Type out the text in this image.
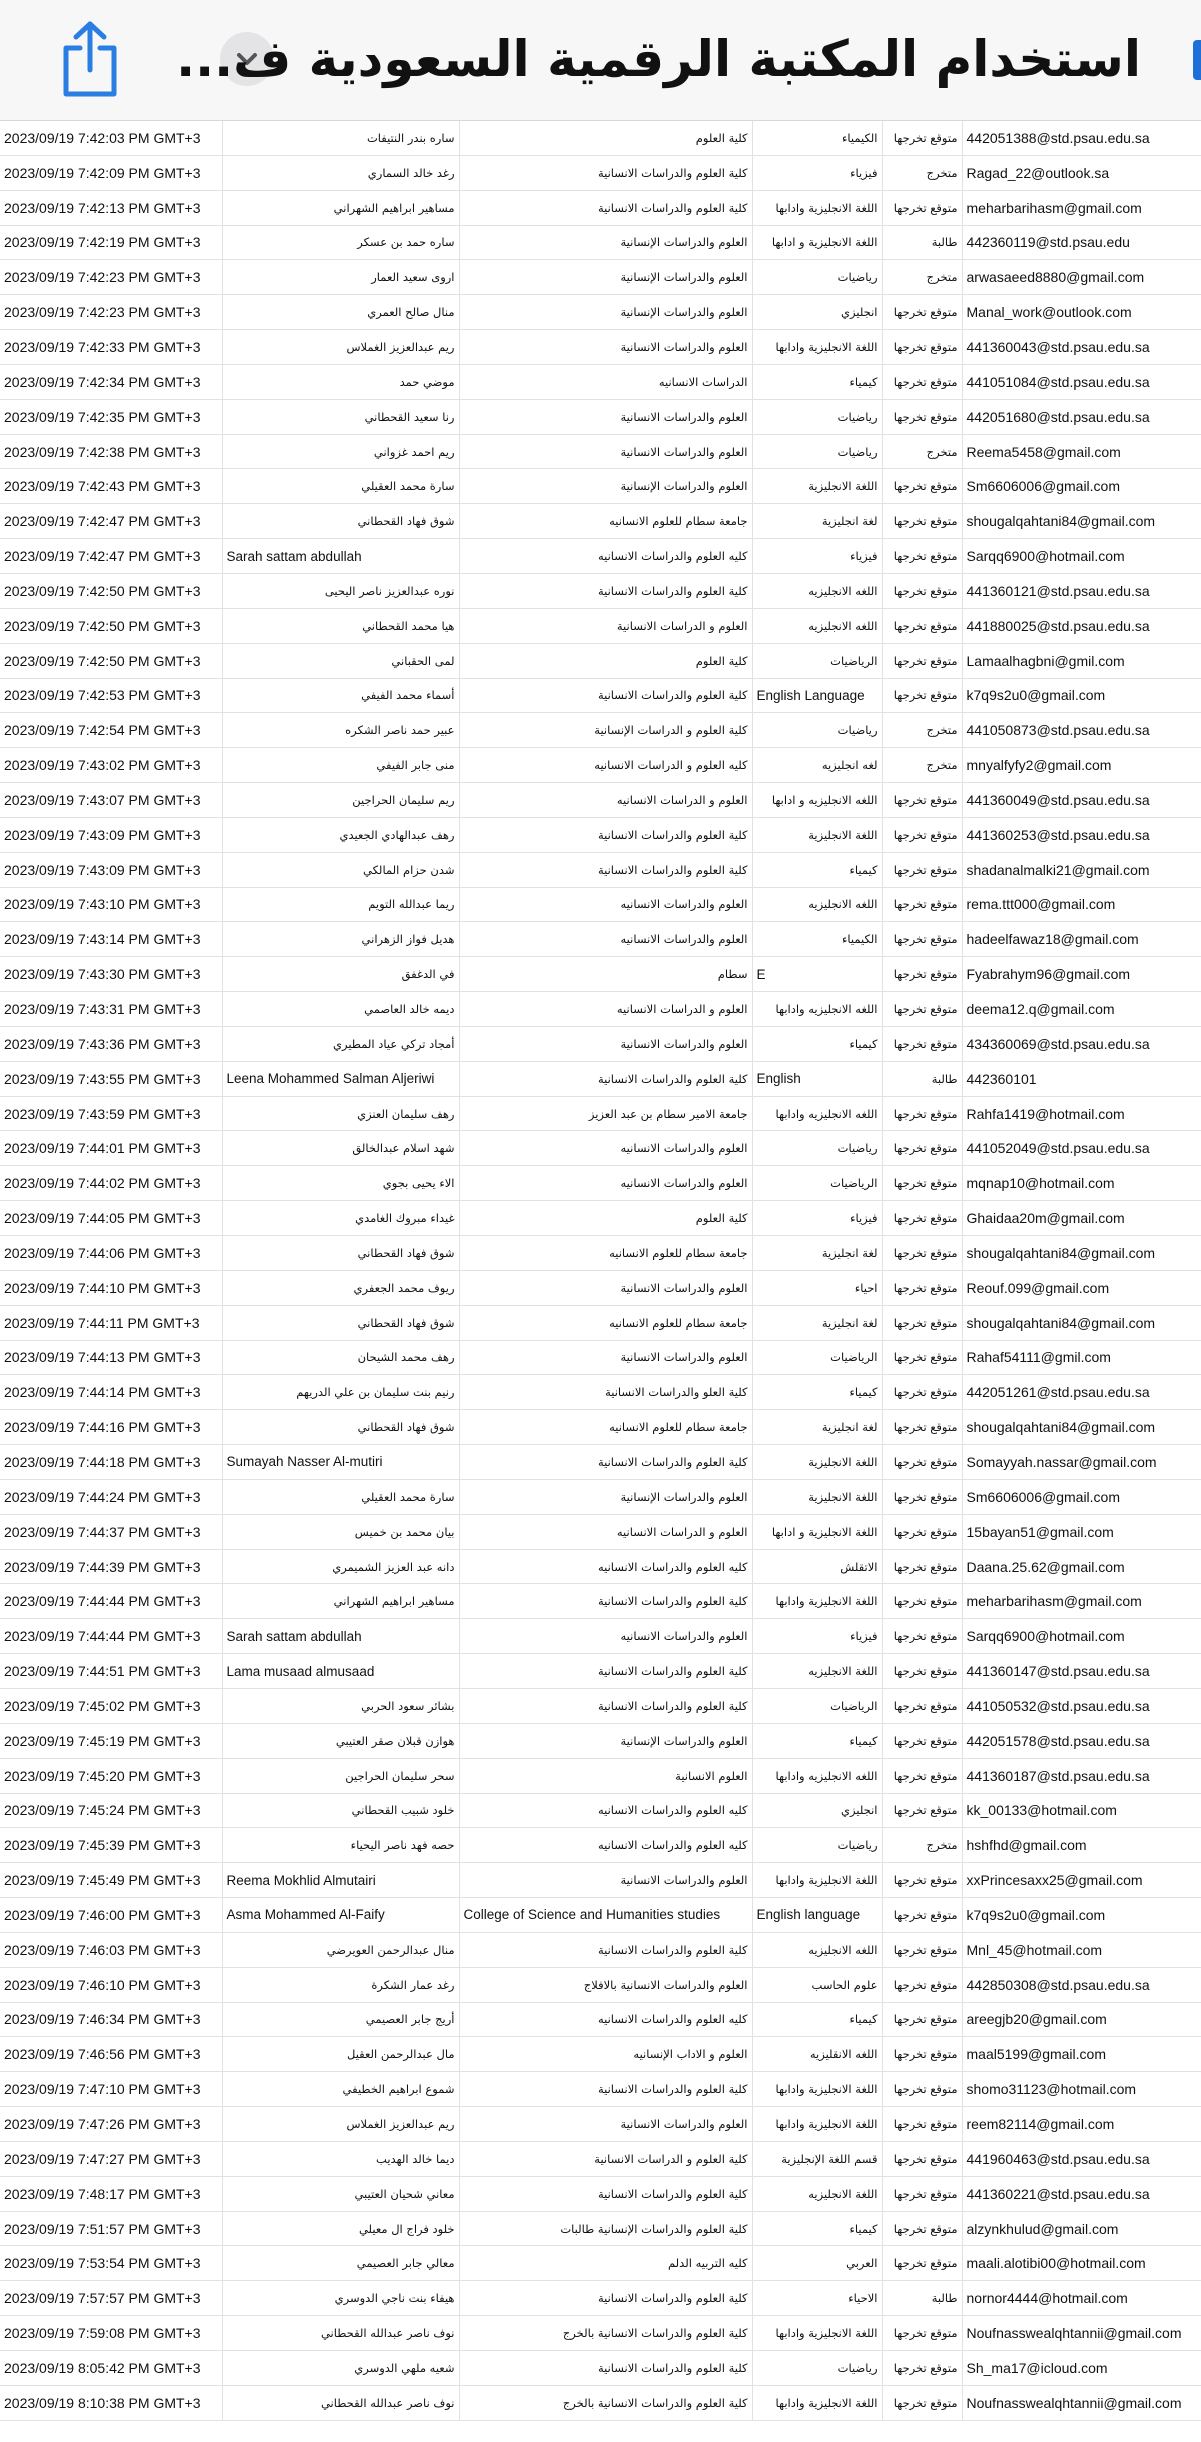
استخدام المكتبة الرقمية السعودية ف...
2023/09/19 7:42:03 PM GMT+3	ساره بندر النتيفات	كلية العلوم	الكيمياء	متوقع تخرجها	442051388@std.psau.edu.sa
2023/09/19 7:42:09 PM GMT+3	رغد خالد السماري	كلية العلوم والدراسات الانسانية	فيزياء	متخرج	Ragad_22@outlook.sa
2023/09/19 7:42:13 PM GMT+3	مساهير ابراهيم الشهراني	كلية العلوم والدراسات الانسانية	اللغة الانجليزية وادابها	متوقع تخرجها	meharbarihasm@gmail.com
2023/09/19 7:42:19 PM GMT+3	ساره حمد بن عسكر	العلوم والدراسات الإنسانية	اللغة الانجليزية و ادابها	طالبة	442360119@std.psau.edu
2023/09/19 7:42:23 PM GMT+3	اروى سعيد العمار	العلوم والدراسات الإنسانية	رياضيات	متخرج	arwasaeed8880@gmail.com
2023/09/19 7:42:23 PM GMT+3	منال صالح العمري	العلوم والدراسات الإنسانية	انجليزي	متوقع تخرجها	Manal_work@outlook.com
2023/09/19 7:42:33 PM GMT+3	ريم عبدالعزيز الغملاس	العلوم والدراسات الانسانية	اللغة الانجليزية وادابها	متوقع تخرجها	441360043@std.psau.edu.sa
2023/09/19 7:42:34 PM GMT+3	موضي حمد	الدراسات الانسانيه	كيمياء	متوقع تخرجها	441051084@std.psau.edu.sa
2023/09/19 7:42:35 PM GMT+3	رنا سعيد القحطاني	العلوم والدراسات الانسانية	رياضيات	متوقع تخرجها	442051680@std.psau.edu.sa
2023/09/19 7:42:38 PM GMT+3	ريم احمد غزواني	العلوم والدراسات الانسانية	رياضيات	متخرج	Reema5458@gmail.com
2023/09/19 7:42:43 PM GMT+3	سارة محمد العقيلي	العلوم والدراسات الإنسانية	اللغة الانجليزية	متوقع تخرجها	Sm6606006@gmail.com
2023/09/19 7:42:47 PM GMT+3	شوق فهاد القحطاني	جامعة سطام للعلوم الانسانيه	لغة انجليزية	متوقع تخرجها	shougalqahtani84@gmail.com
2023/09/19 7:42:47 PM GMT+3	Sarah sattam abdullah	كليه العلوم والدراسات الانسانيه	فيزياء	متوقع تخرجها	Sarqq6900@hotmail.com
2023/09/19 7:42:50 PM GMT+3	نوره عبدالعزيز ناصر اليحيى	كلية العلوم والدراسات الانسانية	اللغه الانجليزيه	متوقع تخرجها	441360121@std.psau.edu.sa
2023/09/19 7:42:50 PM GMT+3	هيا محمد القحطاني	العلوم و الدراسات الانسانية	اللغه الانجليزيه	متوقع تخرجها	441880025@std.psau.edu.sa
2023/09/19 7:42:50 PM GMT+3	لمى الحقباني	كلية العلوم	الرياضيات	متوقع تخرجها	Lamaalhagbni@gmil.com
2023/09/19 7:42:53 PM GMT+3	أسماء محمد الفيفي	كلية العلوم والدراسات الانسانية	English Language	متوقع تخرجها	k7q9s2u0@gmail.com
2023/09/19 7:42:54 PM GMT+3	عبير حمد ناصر الشكره	كلية العلوم و الدراسات الإنسانية	رياضيات	متخرج	441050873@std.psau.edu.sa
2023/09/19 7:43:02 PM GMT+3	منى جابر الفيفي	كليه العلوم و الدراسات الانسانيه	لغه انجليزيه	متخرج	mnyalfyfy2@gmail.com
2023/09/19 7:43:07 PM GMT+3	ريم سليمان الحراجين	العلوم و الدراسات الانسانيه	اللغه الانجليزيه و ادابها	متوقع تخرجها	441360049@std.psau.edu.sa
2023/09/19 7:43:09 PM GMT+3	رهف عبدالهادي الجعيدي	كلية العلوم والدراسات الانسانية	اللغة الانجليزية	متوقع تخرجها	441360253@std.psau.edu.sa
2023/09/19 7:43:09 PM GMT+3	شدن حزام المالكي	كلية العلوم والدراسات الانسانية	كيمياء	متوقع تخرجها	shadanalmalki21@gmail.com
2023/09/19 7:43:10 PM GMT+3	ريما عبدالله التويم	العلوم والدراسات الانسانيه	اللغه الانجليزيه	متوقع تخرجها	rema.ttt000@gmail.com
2023/09/19 7:43:14 PM GMT+3	هديل فواز الزهراني	العلوم والدراسات الانسانيه	الكيمياء	متوقع تخرجها	hadeelfawaz18@gmail.com
2023/09/19 7:43:30 PM GMT+3	في الدغفق	سطام	E	متوقع تخرجها	Fyabrahym96@gmail.com
2023/09/19 7:43:31 PM GMT+3	ديمه خالد العاصمي	العلوم و الدراسات الانسانيه	اللغه الانجليزيه وادابها	متوقع تخرجها	deema12.q@gmail.com
2023/09/19 7:43:36 PM GMT+3	أمجاد تركي عياد المطيري	العلوم والدراسات الانسانية	كيمياء	متوقع تخرجها	434360069@std.psau.edu.sa
2023/09/19 7:43:55 PM GMT+3	Leena Mohammed Salman Aljeriwi	كلية العلوم والدراسات الانسانية	English	طالبة	442360101
2023/09/19 7:43:59 PM GMT+3	رهف سليمان العنزي	جامعة الامير سطام بن عبد العزيز	اللغه الانجليزيه وادابها	متوقع تخرجها	Rahfa1419@hotmail.com
2023/09/19 7:44:01 PM GMT+3	شهد اسلام عبدالخالق	العلوم والدراسات الانسانيه	رياضيات	متوقع تخرجها	441052049@std.psau.edu.sa
2023/09/19 7:44:02 PM GMT+3	الاء يحيى بجوي	العلوم والدراسات الانسانيه	الرياضيات	متوقع تخرجها	mqnap10@hotmail.com
2023/09/19 7:44:05 PM GMT+3	غيداء مبروك الغامدي	كلية العلوم	فيزياء	متوقع تخرجها	Ghaidaa20m@gmail.com
2023/09/19 7:44:06 PM GMT+3	شوق فهاد القحطاني	جامعة سطام للعلوم الانسانيه	لغة انجليزية	متوقع تخرجها	shougalqahtani84@gmail.com
2023/09/19 7:44:10 PM GMT+3	ريوف محمد الجعفري	العلوم والدراسات الانسانية	احياء	متوقع تخرجها	Reouf.099@gmail.com
2023/09/19 7:44:11 PM GMT+3	شوق فهاد القحطاني	جامعة سطام للعلوم الانسانيه	لغة انجليزية	متوقع تخرجها	shougalqahtani84@gmail.com
2023/09/19 7:44:13 PM GMT+3	رهف محمد الشيحان	العلوم والدراسات الانسانية	الرياضيات	متوقع تخرجها	Rahaf54111@gmil.com
2023/09/19 7:44:14 PM GMT+3	رنيم بنت سليمان بن علي الدريهم	كلية العلو والدراسات الانسانية	كيمياء	متوقع تخرجها	442051261@std.psau.edu.sa
2023/09/19 7:44:16 PM GMT+3	شوق فهاد القحطاني	جامعة سطام للعلوم الانسانيه	لغة انجليزية	متوقع تخرجها	shougalqahtani84@gmail.com
2023/09/19 7:44:18 PM GMT+3	Sumayah Nasser Al-mutiri	كلية العلوم والدراسات الانسانية	اللغة الانجليزية	متوقع تخرجها	Somayyah.nassar@gmail.com
2023/09/19 7:44:24 PM GMT+3	سارة محمد العقيلي	العلوم والدراسات الإنسانية	اللغة الانجليزية	متوقع تخرجها	Sm6606006@gmail.com
2023/09/19 7:44:37 PM GMT+3	بيان محمد بن خميس	العلوم و الدراسات الانسانيه	اللغة الانجليزية و ادابها	متوقع تخرجها	15bayan51@gmail.com
2023/09/19 7:44:39 PM GMT+3	دانه عبد العزيز الشميمري	كليه العلوم والدراسات الانسانيه	الاتقلش	متوقع تخرجها	Daana.25.62@gmail.com
2023/09/19 7:44:44 PM GMT+3	مساهير ابراهيم الشهراني	كلية العلوم والدراسات الانسانية	اللغة الانجليزية وادابها	متوقع تخرجها	meharbarihasm@gmail.com
2023/09/19 7:44:44 PM GMT+3	Sarah sattam abdullah	العلوم والدراسات الانسانيه	فيزياء	متوقع تخرجها	Sarqq6900@hotmail.com
2023/09/19 7:44:51 PM GMT+3	Lama musaad almusaad	كلية العلوم والدراسات الانسانية	اللغة الانجليزيه	متوقع تخرجها	441360147@std.psau.edu.sa
2023/09/19 7:45:02 PM GMT+3	بشائر سعود الحربي	كلية العلوم والدراسات الانسانية	الرياضيات	متوقع تخرجها	441050532@std.psau.edu.sa
2023/09/19 7:45:19 PM GMT+3	هوازن قبلان صقر العتيبي	العلوم والدراسات الإنسانية	كيمياء	متوقع تخرجها	442051578@std.psau.edu.sa
2023/09/19 7:45:20 PM GMT+3	سحر سليمان الحراجين	العلوم الانسانية	اللغه الانجليزيه وادابها	متوقع تخرجها	441360187@std.psau.edu.sa
2023/09/19 7:45:24 PM GMT+3	خلود شبيب القحطاني	كليه العلوم والدراسات الانسانيه	انجليزي	متوقع تخرجها	kk_00133@hotmail.com
2023/09/19 7:45:39 PM GMT+3	حصه فهد ناصر اليحياء	كليه العلوم والدراسات الانسانيه	رياضيات	متخرج	hshfhd@gmail.com
2023/09/19 7:45:49 PM GMT+3	Reema Mokhlid Almutairi	العلوم والدراسات الانسانية	اللغة الانجليزية وادابها	متوقع تخرجها	xxPrincesaxx25@gmail.com
2023/09/19 7:46:00 PM GMT+3	Asma Mohammed Al-Faify	College of Science and Humanities studies	English language	متوقع تخرجها	k7q9s2u0@gmail.com
2023/09/19 7:46:03 PM GMT+3	منال عبدالرحمن العويرضي	كلية العلوم والدراسات الانسانية	اللغه الانجليزيه	متوقع تخرجها	Mnl_45@hotmail.com
2023/09/19 7:46:10 PM GMT+3	رغد عمار الشكرة	العلوم والدراسات الانسانية بالافلاج	علوم الحاسب	متوقع تخرجها	442850308@std.psau.edu.sa
2023/09/19 7:46:34 PM GMT+3	أريج جابر العصيمي	كليه العلوم والدراسات الانسانيه	كيمياء	متوقع تخرجها	areegjb20@gmail.com
2023/09/19 7:46:56 PM GMT+3	مال عبدالرحمن العقيل	العلوم و الاداب الإنسانيه	اللغه الانقليزيه	متوقع تخرجها	maal5199@gmail.com
2023/09/19 7:47:10 PM GMT+3	شموع ابراهيم الخطيفي	كلية العلوم والدراسات الانسانية	اللغة الانجليزية وادابها	متوقع تخرجها	shomo31123@hotmail.com
2023/09/19 7:47:26 PM GMT+3	ريم عبدالعزيز الغملاس	العلوم والدراسات الانسانية	اللغة الانجليزية وادابها	متوقع تخرجها	reem82114@gmail.com
2023/09/19 7:47:27 PM GMT+3	ديما خالد الهديب	كلية العلوم و الدراسات الانسانية	قسم اللغة الإنجليزية	متوقع تخرجها	441960463@std.psau.edu.sa
2023/09/19 7:48:17 PM GMT+3	معاني شحيان العتيبي	كلية العلوم والدراسات الانسانية	اللغة الانجليزيه	متوقع تخرجها	441360221@std.psau.edu.sa
2023/09/19 7:51:57 PM GMT+3	خلود فراج ال معيلي	كلية العلوم والدراسات الإنسانية طالبات	كيمياء	متوقع تخرجها	alzynkhulud@gmail.com
2023/09/19 7:53:54 PM GMT+3	معالي جابر العصيمي	كليه التربيه الدلم	العربي	متوقع تخرجها	maali.alotibi00@hotmail.com
2023/09/19 7:57:57 PM GMT+3	هيفاء بنت ناجي الدوسري	كلية العلوم والدراسات الانسانية	الاحياء	طالبة	nornor4444@hotmail.com
2023/09/19 7:59:08 PM GMT+3	نوف ناصر عبدالله القحطاني	كلية العلوم والدراسات الانسانية بالخرج	اللغة الانجليزية وادابها	متوقع تخرجها	Noufnasswealqhtannii@gmail.com
2023/09/19 8:05:42 PM GMT+3	شعيه ملهي الدوسري	كلية العلوم والدراسات الانسانية	رياضيات	متوقع تخرجها	Sh_ma17@icloud.com
2023/09/19 8:10:38 PM GMT+3	نوف ناصر عبدالله القحطاني	كلية العلوم والدراسات الانسانية بالخرج	اللغة الانجليزية وادابها	متوقع تخرجها	Noufnasswealqhtannii@gmail.com
